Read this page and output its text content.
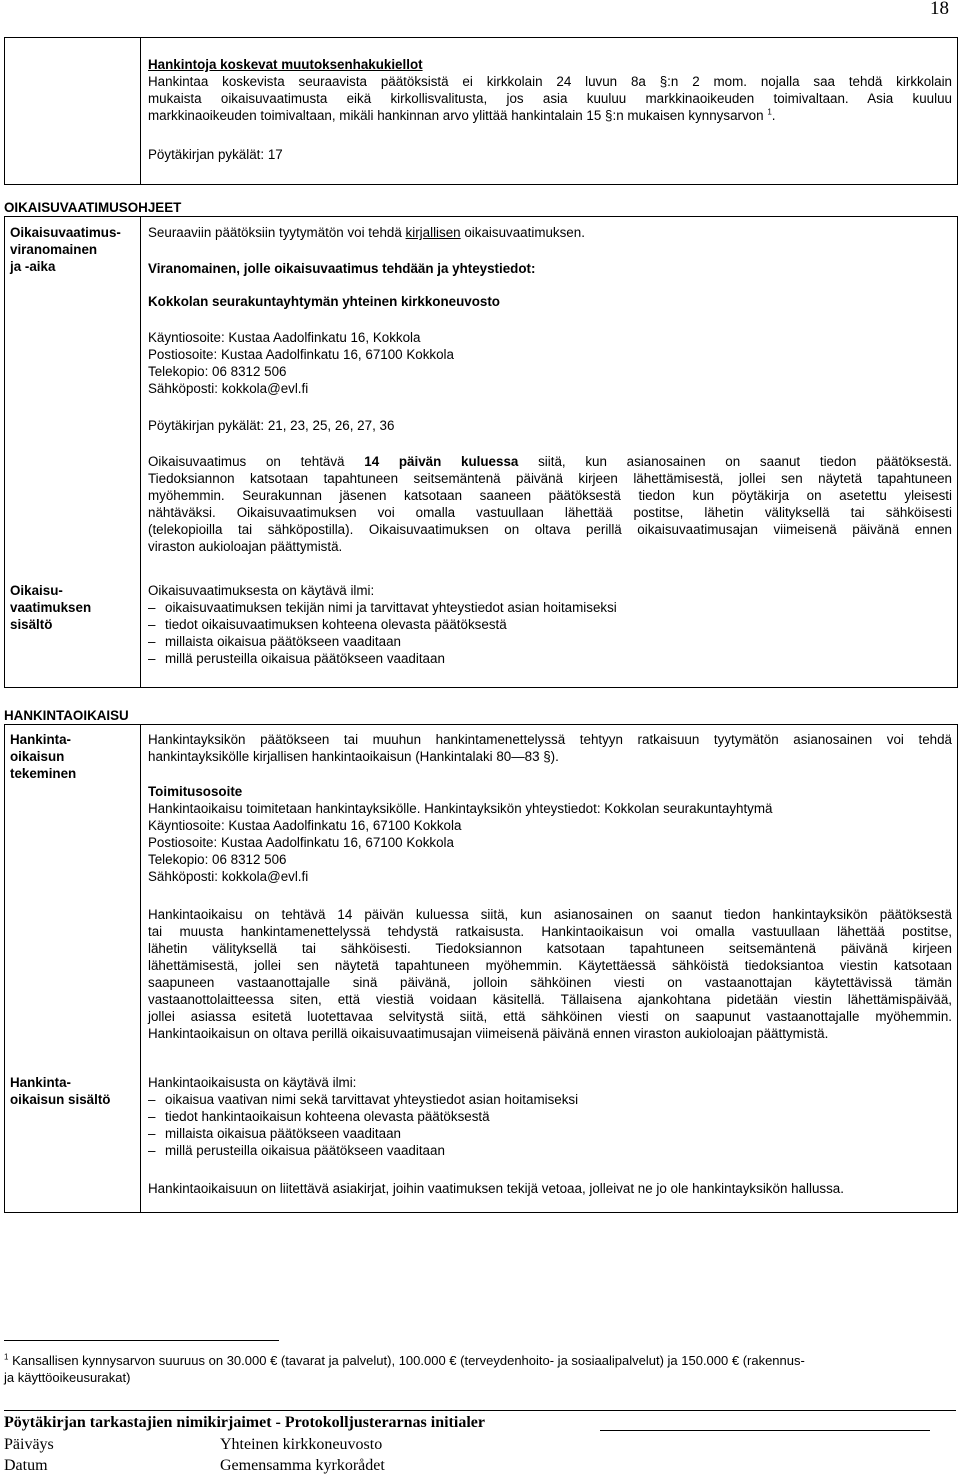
18
Hankintoja koskevat muutoksenhakukiellot
Hankintaa koskevista seuraavista päätöksistä ei kirkkolain 24 luvun 8a §:n 2 mom. nojalla saa tehdä kirkkolain
mukaista oikaisuvaatimusta eikä kirkollisvalitusta, jos asia kuuluu markkinaoikeuden toimivaltaan. Asia kuuluu
markkinaoikeuden toimivaltaan, mikäli hankinnan arvo ylittää hankintalain 15 §:n mukaisen kynnysarvon $^1$.
Pöytäkirjan pykälät: 17
OIKAISUVAATIMUSOHJEET
Oikaisuvaatimus-
viranomainen
ja -aika
Seuraaviin päätöksiin tyytymätön voi tehdä kirjallisen oikaisuvaatimuksen.
Viranomainen, jolle oikaisuvaatimus tehdään ja yhteystiedot:
Kokkolan seurakuntayhtymän yhteinen kirkkoneuvosto
Käyntiosoite: Kustaa Aadolfinkatu 16, Kokkola
Postiosoite: Kustaa Aadolfinkatu 16, 67100 Kokkola
Telekopio: 06 8312 506
Sähköposti: kokkola@evl.fi
Pöytäkirjan pykälät: 21, 23, 25, 26, 27, 36
Oikaisuvaatimus on tehtävä 14 päivän kuluessa siitä, kun asianosainen on saanut tiedon päätöksestä.
Tiedoksiannon katsotaan tapahtuneen seitsemäntenä päivänä kirjeen lähettämisestä, jollei sen näytetä tapahtuneen
myöhemmin. Seurakunnan jäsenen katsotaan saaneen päätöksestä tiedon kun pöytäkirja on asetettu yleisesti
nähtäväksi. Oikaisuvaatimuksen voi omalla vastuullaan lähettää postitse, lähetin välityksellä tai sähköisesti
(telekopioilla tai sähköpostilla). Oikaisuvaatimuksen on oltava perillä oikaisuvaatimusajan viimeisenä päivänä ennen
viraston aukioloajan päättymistä.
Oikaisu-
vaatimuksen
sisältö
Oikaisuvaatimuksesta on käytävä ilmi:
–oikaisuvaatimuksen tekijän nimi ja tarvittavat yhteystiedot asian hoitamiseksi
–tiedot oikaisuvaatimuksen kohteena olevasta päätöksestä
–millaista oikaisua päätökseen vaaditaan
–millä perusteilla oikaisua päätökseen vaaditaan
HANKINTAOIKAISU
Hankinta-
oikaisun
tekeminen
Hankintayksikön päätökseen tai muuhun hankintamenettelyssä tehtyyn ratkaisuun tyytymätön asianosainen voi tehdä
hankintayksikölle kirjallisen hankintaoikaisun (Hankintalaki 80―83 §).
Toimitusosoite
Hankintaoikaisu toimitetaan hankintayksikölle. Hankintayksikön yhteystiedot: Kokkolan seurakuntayhtymä
Käyntiosoite: Kustaa Aadolfinkatu 16, 67100 Kokkola
Postiosoite: Kustaa Aadolfinkatu 16, 67100 Kokkola
Telekopio: 06 8312 506
Sähköposti: kokkola@evl.fi
Hankintaoikaisu on tehtävä 14 päivän kuluessa siitä, kun asianosainen on saanut tiedon hankintayksikön päätöksestä
tai muusta hankintamenettelyssä tehdystä ratkaisusta. Hankintaoikaisun voi omalla vastuullaan lähettää postitse,
lähetin välityksellä tai sähköisesti. Tiedoksiannon katsotaan tapahtuneen seitsemäntenä päivänä kirjeen
lähettämisestä, jollei sen näytetä tapahtuneen myöhemmin. Käytettäessä sähköistä tiedoksiantoa viestin katsotaan
saapuneen vastaanottajalle sinä päivänä, jolloin sähköinen viesti on vastaanottajan käytettävissä tämän
vastaanottolaitteessa siten, että viestiä voidaan käsitellä. Tällaisena ajankohtana pidetään viestin lähettämispäivää,
jollei asiassa esitetä luotettavaa selvitystä siitä, että sähköinen viesti on saapunut vastaanottajalle myöhemmin.
Hankintaoikaisun on oltava perillä oikaisuvaatimusajan viimeisenä päivänä ennen viraston aukioloajan päättymistä.
Hankinta-
oikaisun sisältö
Hankintaoikaisusta on käytävä ilmi:
–oikaisua vaativan nimi sekä tarvittavat yhteystiedot asian hoitamiseksi
–tiedot hankintaoikaisun kohteena olevasta päätöksestä
–millaista oikaisua päätökseen vaaditaan
–millä perusteilla oikaisua päätökseen vaaditaan
Hankintaoikaisuun on liitettävä asiakirjat, joihin vaatimuksen tekijä vetoaa, jolleivat ne jo ole hankintayksikön hallussa.
$^1$ Kansallisen kynnysarvon suuruus on 30.000 € (tavarat ja palvelut), 100.000 € (terveydenhoito- ja sosiaalipalvelut) ja 150.000 € (rakennus-
ja käyttöoikeusurakat)
Pöytäkirjan tarkastajien nimikirjaimet - Protokolljusterarnas initialer
Päiväys
Datum
Yhteinen kirkkoneuvosto
Gemensamma kyrkorådet
